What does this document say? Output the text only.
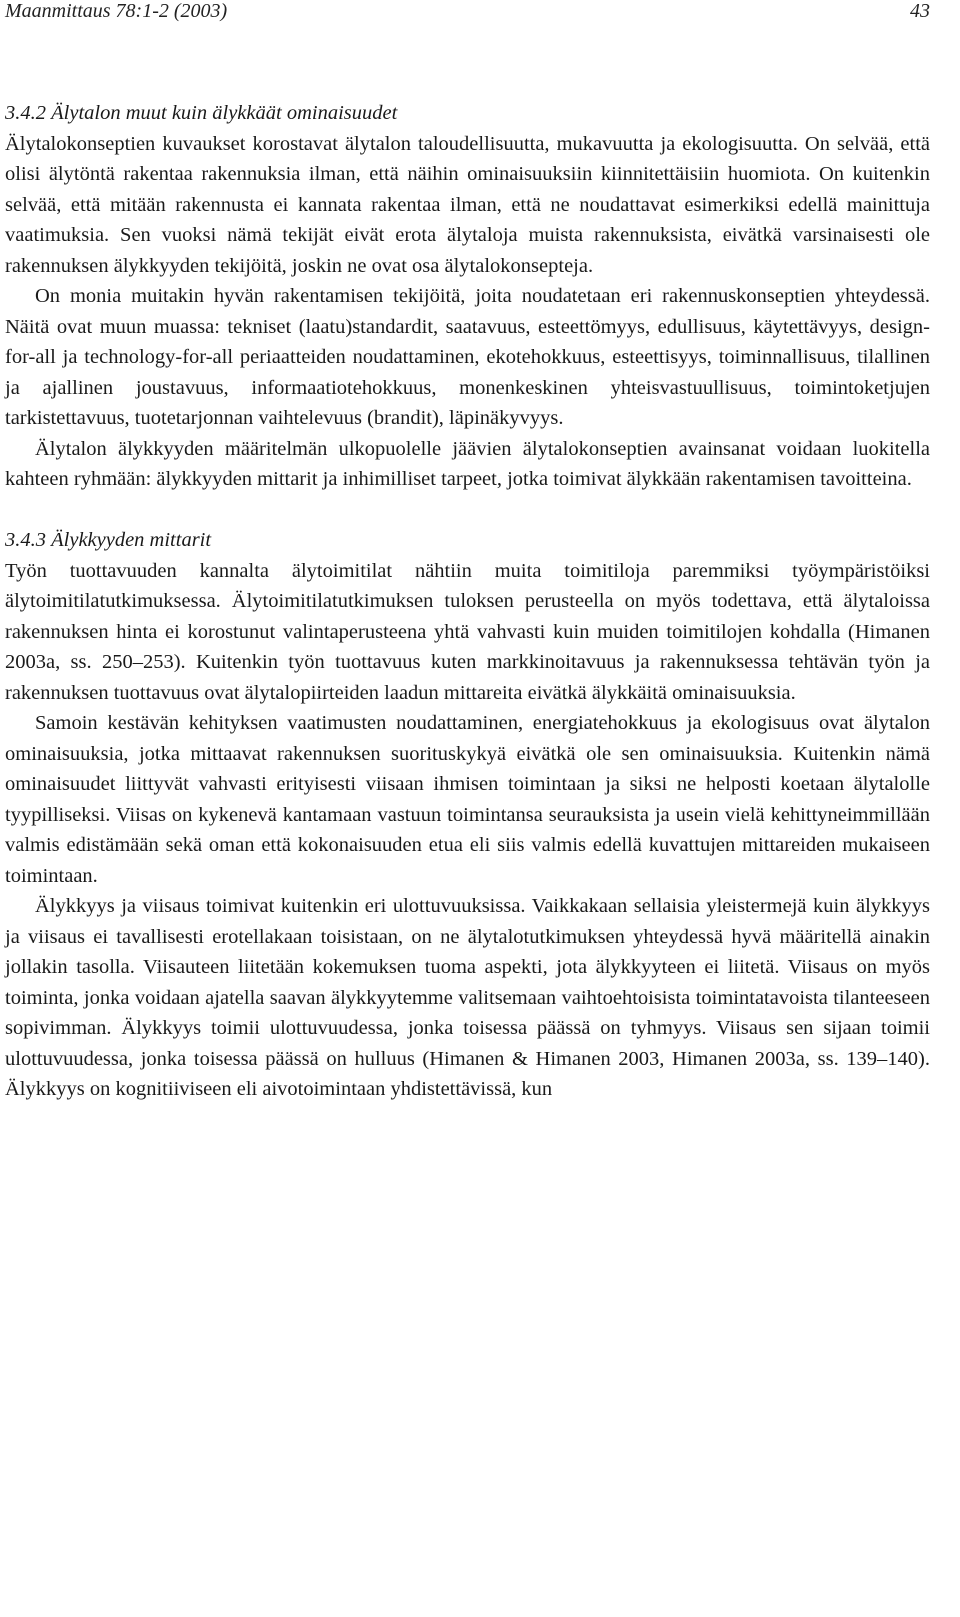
Maanmittaus 78:1-2 (2003)	43
3.4.2 Älytalon muut kuin älykkäät ominaisuudet

Älytalokonseptien kuvaukset korostavat älytalon taloudellisuutta, mukavuutta ja ekologisuutta. On selvää, että olisi älytöntä rakentaa rakennuksia ilman, että näihin ominaisuuksiin kiinnitettäisiin huomiota. On kuitenkin selvää, että mitään rakennusta ei kannata rakentaa ilman, että ne noudattavat esimerkiksi edellä mainittuja vaatimuksia. Sen vuoksi nämä tekijät eivät erota älytaloja muista rakennuksista, eivätkä varsinaisesti ole rakennuksen älykkyyden tekijöitä, joskin ne ovat osa älytalokonsepteja.

On monia muitakin hyvän rakentamisen tekijöitä, joita noudatetaan eri rakennuskonseptien yhteydessä. Näitä ovat muun muassa: tekniset (laatu)standardit, saatavuus, esteettömyys, edullisuus, käytettävyys, design-for-all ja technology-for-all periaatteiden noudattaminen, ekotehokkuus, esteettisyys, toiminnallisuus, tilallinen ja ajallinen joustavuus, informaatiotehokkuus, monenkeskinen yhteisvastuullisuus, toimintoketjujen tarkistettavuus, tuotetarjonnan vaihtelevuus (brandit), läpinäkyvyys.

Älytalon älykkyyden määritelmän ulkopuolelle jäävien älytalokonseptien avainsanat voidaan luokitella kahteen ryhmään: älykkyyden mittarit ja inhimilliset tarpeet, jotka toimivat älykkään rakentamisen tavoitteina.

3.4.3 Älykkyyden mittarit

Työn tuottavuuden kannalta älytoimitilat nähtiin muita toimitiloja paremmiksi työympäristöiksi älytoimitilatutkimuksessa. Älytoimitilatutkimuksen tuloksen perusteella on myös todettava, että älytaloissa rakennuksen hinta ei korostunut valintaperusteena yhtä vahvasti kuin muiden toimitilojen kohdalla (Himanen 2003a, ss. 250–253). Kuitenkin työn tuottavuus kuten markkinoitavuus ja rakennuksessa tehtävän työn ja rakennuksen tuottavuus ovat älytalopiirteiden laadun mittareita eivätkä älykkäitä ominaisuuksia.

Samoin kestävän kehityksen vaatimusten noudattaminen, energiatehokkuus ja ekologisuus ovat älytalon ominaisuuksia, jotka mittaavat rakennuksen suorituskykyä eivätkä ole sen ominaisuuksia. Kuitenkin nämä ominaisuudet liittyvät vahvasti erityisesti viisaan ihmisen toimintaan ja siksi ne helposti koetaan älytalolle tyypilliseksi. Viisas on kykenevä kantamaan vastuun toimintansa seurauksista ja usein vielä kehittyneimmillään valmis edistämään sekä oman että kokonaisuuden etua eli siis valmis edellä kuvattujen mittareiden mukaiseen toimintaan.

Älykkyys ja viisaus toimivat kuitenkin eri ulottuvuuksissa. Vaikkakaan sellaisia yleistermejä kuin älykkyys ja viisaus ei tavallisesti erotellakaan toisistaan, on ne älytalotutkimuksen yhteydessä hyvä määritellä ainakin jollakin tasolla. Viisauteen liitetään kokemuksen tuoma aspekti, jota älykkyyteen ei liitetä. Viisaus on myös toiminta, jonka voidaan ajatella saavan älykkyytemme valitsemaan vaihtoehtoisista toimintatavoista tilanteeseen sopivimman. Älykkyys toimii ulottuvuudessa, jonka toisessa päässä on tyhmyys. Viisaus sen sijaan toimii ulottuvuudessa, jonka toisessa päässä on hulluus (Himanen & Himanen 2003, Himanen 2003a, ss. 139–140). Älykkyys on kognitiiviseen eli aivotoimintaan yhdistettävissä, kun
